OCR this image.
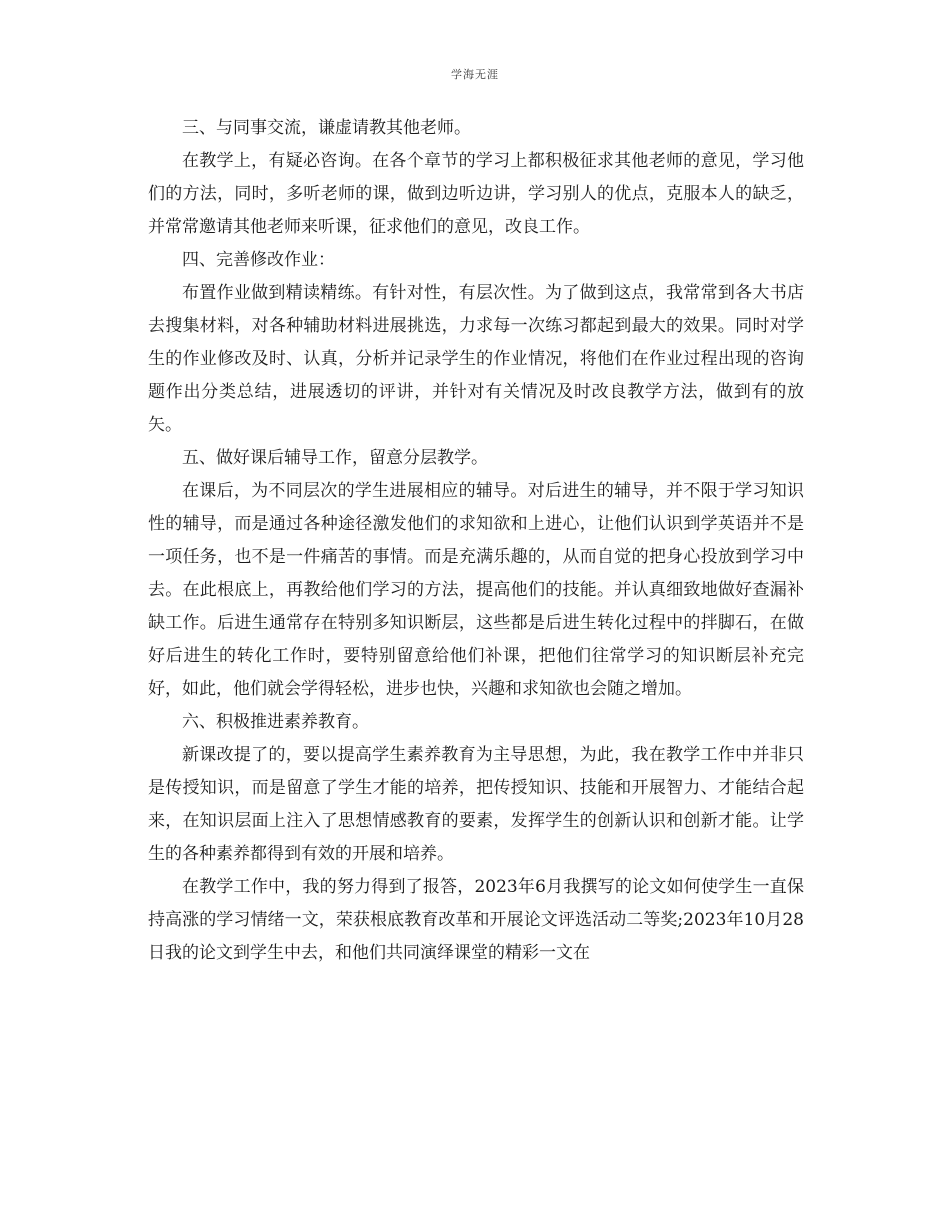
学海无涯

三、与同事交流，谦虚请教其他老师。

在教学上，有疑必咨询。在各个章节的学习上都积极征求其他老师的意见，学习他们的方法，同时，多听老师的课，做到边听边讲，学习别人的优点，克服本人的缺乏，并常常邀请其他老师来听课，征求他们的意见，改良工作。

四、完善修改作业：

布置作业做到精读精练。有针对性，有层次性。为了做到这点，我常常到各大书店去搜集材料，对各种辅助材料进展挑选，力求每一次练习都起到最大的效果。同时对学生的作业修改及时、认真，分析并记录学生的作业情况，将他们在作业过程出现的咨询题作出分类总结，进展透切的评讲，并针对有关情况及时改良教学方法，做到有的放矢。

五、做好课后辅导工作，留意分层教学。

在课后，为不同层次的学生进展相应的辅导。对后进生的辅导，并不限于学习知识性的辅导，而是通过各种途径激发他们的求知欲和上进心，让他们认识到学英语并不是一项任务，也不是一件痛苦的事情。而是充满乐趣的，从而自觉的把身心投放到学习中去。在此根底上，再教给他们学习的方法，提高他们的技能。并认真细致地做好查漏补缺工作。后进生通常存在特别多知识断层，这些都是后进生转化过程中的拌脚石，在做好后进生的转化工作时，要特别留意给他们补课，把他们往常学习的知识断层补充完好，如此，他们就会学得轻松，进步也快，兴趣和求知欲也会随之增加。

六、积极推进素养教育。

新课改提了的，要以提高学生素养教育为主导思想，为此，我在教学工作中并非只是传授知识，而是留意了学生才能的培养，把传授知识、技能和开展智力、才能结合起来，在知识层面上注入了思想情感教育的要素，发挥学生的创新认识和创新才能。让学生的各种素养都得到有效的开展和培养。

在教学工作中，我的努力得到了报答，2023年6月我撰写的论文如何使学生一直保持高涨的学习情绪一文，荣获根底教育改革和开展论文评选活动二等奖;2023年10月28日我的论文到学生中去，和他们共同演绎课堂的精彩一文在
